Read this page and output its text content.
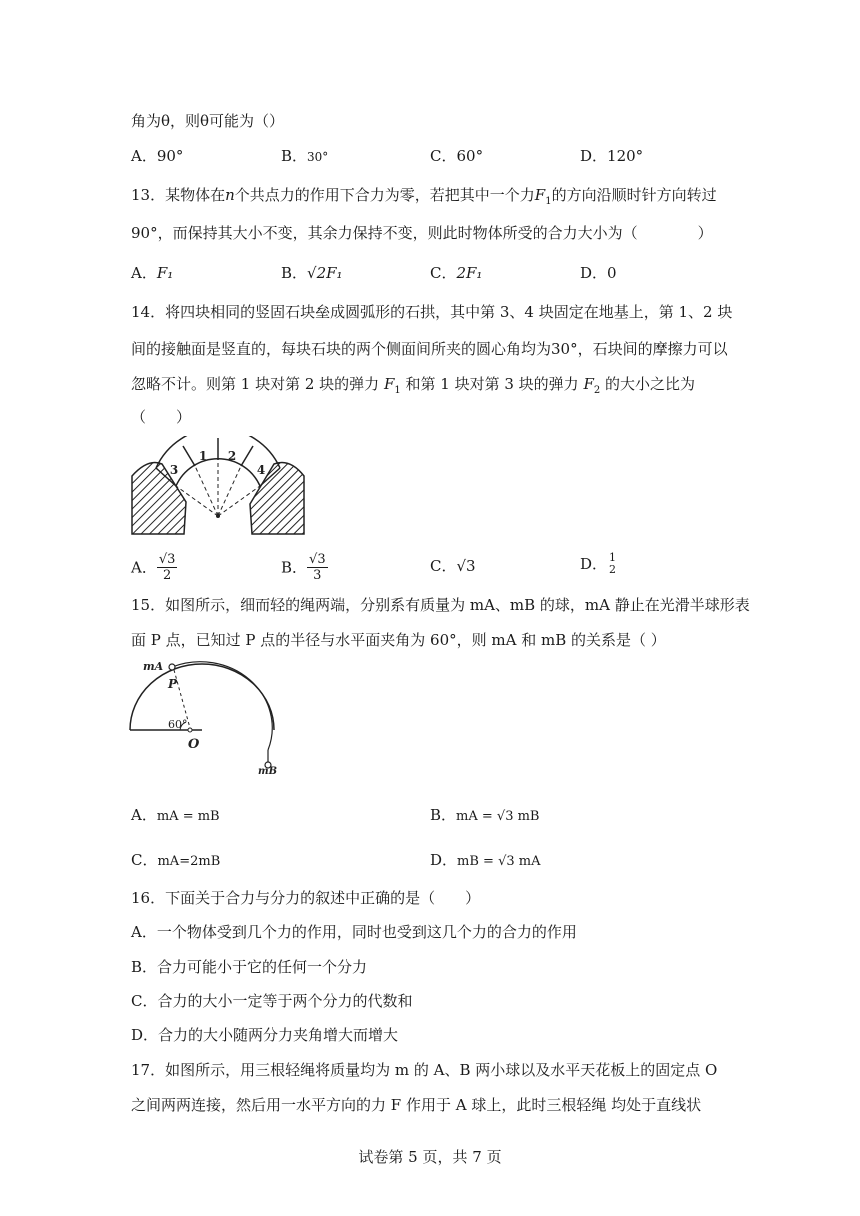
角为θ，则θ可能为（）
A．90°	B．30°	C．60°	D．120°
13．某物体在n个共点力的作用下合力为零，若把其中一个力$F_1$的方向沿顺时针方向转过
90°，而保持其大小不变，其余力保持不变，则此时物体所受的合力大小为（　　　　）
A．F₁	B．√2F₁	C．2F₁	D．0
14．将四块相同的竖固石块垒成圆弧形的石拱，其中第 3、4 块固定在地基上，第 1、2 块
间的接触面是竖直的，每块石块的两个侧面间所夹的圆心角均为30°，石块间的摩擦力可以
忽略不计。则第 1 块对第 2 块的弹力 $F_1$ 和第 1 块对第 3 块的弹力 $F_2$ 的大小之比为
（　　）
3
1 2
4
A． $\frac{√3}{2}$	B． $\frac{√3}{3}$	C．√3	D． 1
2
15．如图所示，细而轻的绳两端，分别系有质量为 mA、mB 的球，mA 静止在光滑半球形表
面 P 点，已知过 P 点的半径与水平面夹角为 60°，则 mA 和 mB 的关系是（ ）
mA
P
60°
O
mB
A．mA = mB	B．mA = √3 mB
C．mA=2mB	D．mB = √3 mA
16．下面关于合力与分力的叙述中正确的是（　　）
A．一个物体受到几个力的作用，同时也受到这几个力的合力的作用
B．合力可能小于它的任何一个分力
C．合力的大小一定等于两个分力的代数和
D．合力的大小随两分力夹角增大而增大
17．如图所示，用三根轻绳将质量均为 m 的 A、B 两小球以及水平天花板上的固定点 O
之间两两连接，然后用一水平方向的力 F 作用于 A 球上，此时三根轻绳 均处于直线状
试卷第 5 页，共 7 页
